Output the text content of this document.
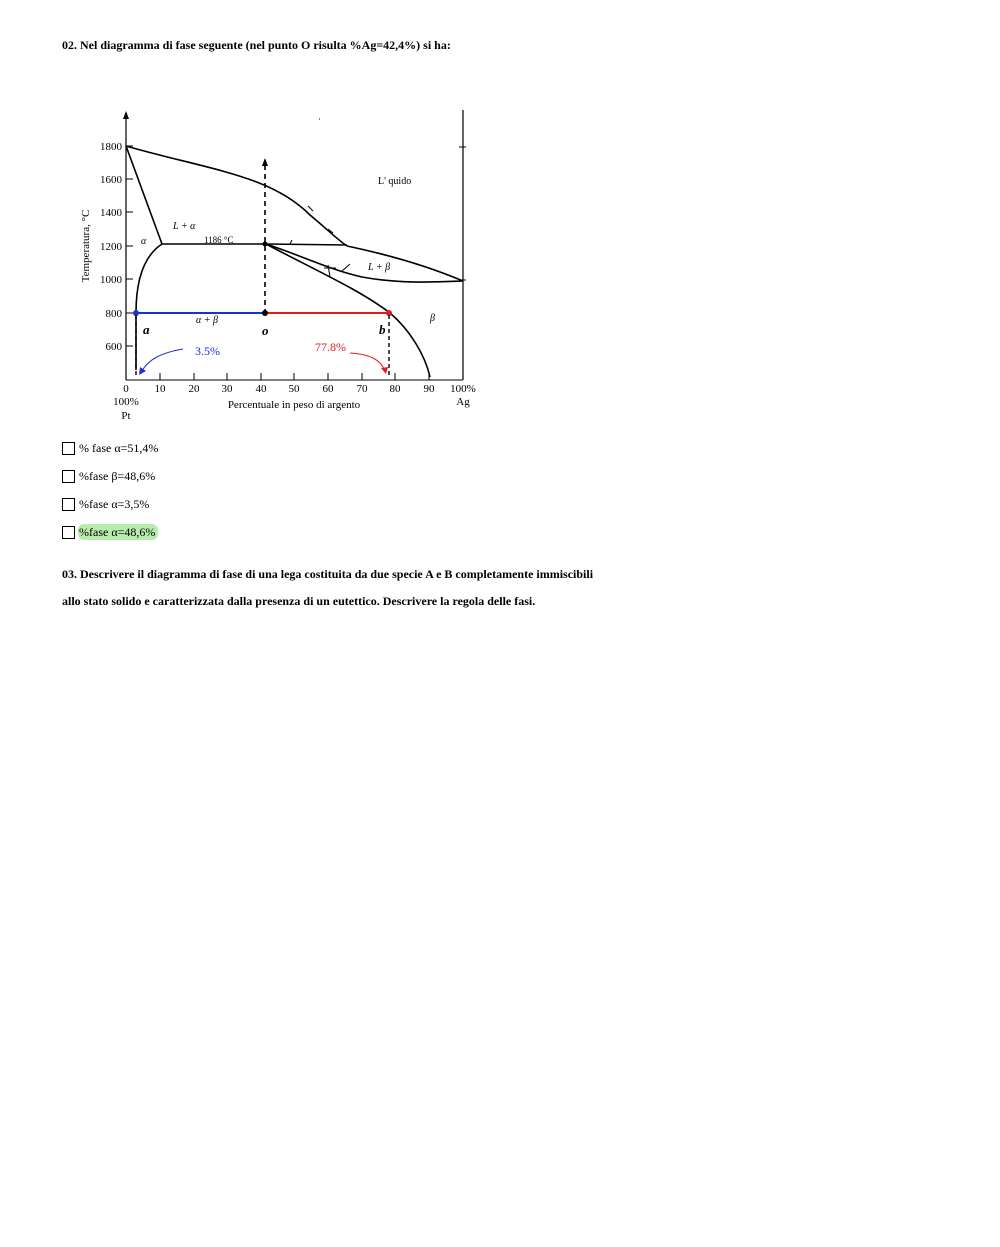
02. Nel diagramma di fase seguente (nel punto O risulta %Ag=42,4%) si ha:
1800
1600
1400
1200
1000
800
600
0 10 20 30 40 50 60 70 80 90 100%
Temperatura, °C
Percentuale in peso di argento
100%
Pt
Ag
L' quido
L + α
L + β
α
β
α + β
1186 °C
a	o	b
3.5%	77.8%
% fase α=51,4%
%fase β=48,6%
%fase α=3,5%
%fase α=48,6%
03. Descrivere il diagramma di fase di una lega costituita da due specie A e B completamente immiscibili
allo stato solido e caratterizzata dalla presenza di un eutettico. Descrivere la regola delle fasi.
